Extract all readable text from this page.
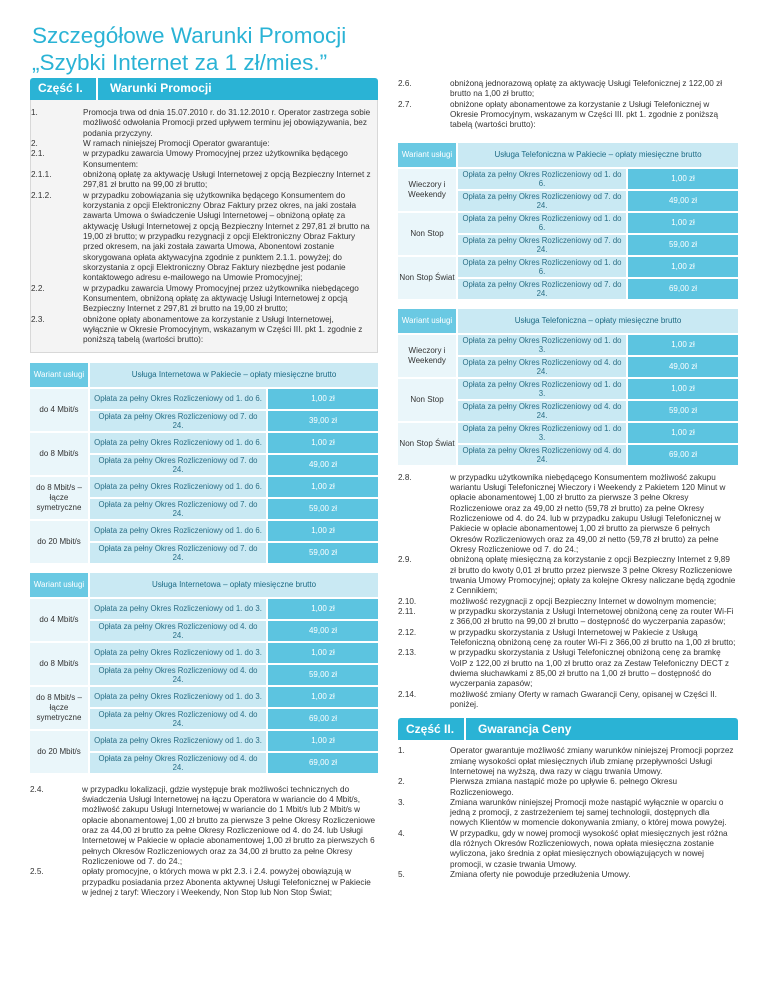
Szczegółowe Warunki Promocji
„Szybki Internet za 1 zł/mies.”
Część I.	Warunki Promocji
1.	Promocja trwa od dnia 15.07.2010 r. do 31.12.2010 r. Operator zastrzega sobie możliwość odwołania Promocji przed upływem terminu jej obowiązywania, bez podania przyczyny.
2.	W ramach niniejszej Promocji Operator gwarantuje:
2.1.	w przypadku zawarcia Umowy Promocyjnej przez użytkownika będącego Konsumentem:
2.1.1.	obniżoną opłatę za aktywację Usługi Internetowej z opcją Bezpieczny Internet z 297,81 zł brutto na 99,00 zł brutto;
2.1.2.	w przypadku zobowiązania się użytkownika będącego Konsumentem do korzystania z opcji Elektroniczny Obraz Faktury przez okres, na jaki została zawarta Umowa o świadczenie Usługi Internetowej – obniżoną opłatę za aktywację Usługi Internetowej z opcją Bezpieczny Internet z 297,81 zł brutto na 19,00 zł brutto; w przypadku rezygnacji z opcji Elektroniczny Obraz Faktury przed okresem, na jaki została zawarta Umowa, Abonentowi zostanie skorygowana opłata aktywacyjna zgodnie z punktem 2.1.1. powyżej; do skorzystania z opcji Elektroniczny Obraz Faktury niezbędne jest podanie kontaktowego adresu e-mailowego na Umowie Promocyjnej;
2.2.	w przypadku zawarcia Umowy Promocyjnej przez użytkownika niebędącego Konsumentem, obniżoną opłatę za aktywację Usługi Internetowej z opcją Bezpieczny Internet z 297,81 zł brutto na 19,00 zł brutto;
2.3.	obniżone opłaty abonamentowe za korzystanie z Usługi Internetowej, wyłącznie w Okresie Promocyjnym, wskazanym w Części III. pkt 1. zgodnie z poniższą tabelą (wartości brutto):
Wariant usługi		Usługa Internetowa w Pakiecie – opłaty miesięczne brutto		
do 4 Mbit/s		Opłata za pełny Okres Rozliczeniowy od 1. do 6.		1,00 zł
		Opłata za pełny Okres Rozliczeniowy od 7. do 24.		39,00 zł
do 8 Mbit/s		Opłata za pełny Okres Rozliczeniowy od 1. do 6.		1,00 zł
		Opłata za pełny Okres Rozliczeniowy od 7. do 24.		49,00 zł
do 8 Mbit/s – łącze symetryczne		Opłata za pełny Okres Rozliczeniowy od 1. do 6.		1,00 zł
		Opłata za pełny Okres Rozliczeniowy od 7. do 24.		59,00 zł
do 20 Mbit/s		Opłata za pełny Okres Rozliczeniowy od 1. do 6.		1,00 zł
		Opłata za pełny Okres Rozliczeniowy od 7. do 24.		59,00 zł
Wariant usługi		Usługa Internetowa – opłaty miesięczne brutto		
do 4 Mbit/s		Opłata za pełny Okres Rozliczeniowy od 1. do 3.		1,00 zł
		Opłata za pełny Okres Rozliczeniowy od 4. do 24.		49,00 zł
do 8 Mbit/s		Opłata za pełny Okres Rozliczeniowy od 1. do 3.		1,00 zł
		Opłata za pełny Okres Rozliczeniowy od 4. do 24.		59,00 zł
do 8 Mbit/s – łącze symetryczne		Opłata za pełny Okres Rozliczeniowy od 1. do 3.		1,00 zł
		Opłata za pełny Okres Rozliczeniowy od 4. do 24.		69,00 zł
do 20 Mbit/s		Opłata za pełny Okres Rozliczeniowy od 1. do 3.		1,00 zł
		Opłata za pełny Okres Rozliczeniowy od 4. do 24.		69,00 zł
2.4.	w przypadku lokalizacji, gdzie występuje brak możliwości technicznych do świadczenia Usługi Internetowej na łączu Operatora w wariancie do 4 Mbit/s, możliwość zakupu Usługi Internetowej w wariancie do 1 Mbit/s lub 2 Mbit/s w opłacie abonamentowej 1,00 zł brutto za pierwsze 3 pełne Okresy Rozliczeniowe oraz za 44,00 zł brutto za pełne Okresy Rozliczeniowe od 4. do 24. lub Usługi Internetowej w Pakiecie w opłacie abonamentowej 1,00 zł brutto za pierwszych 6 pełnych Okresów Rozliczeniowych oraz za 34,00 zł brutto za pełne Okresy Rozliczeniowe od 7. do 24.;
2.5.	opłaty promocyjne, o których mowa w pkt 2.3. i 2.4. powyżej obowiązują w przypadku posiadania przez Abonenta aktywnej Usługi Telefonicznej w Pakiecie w jednej z taryf: Wieczory i Weekendy, Non Stop lub Non Stop Świat;
2.6.	obniżoną jednorazową opłatę za aktywację Usługi Telefonicznej z 122,00 zł brutto na 1,00 zł brutto;
2.7.	obniżone opłaty abonamentowe za korzystanie z Usługi Telefonicznej w Okresie Promocyjnym, wskazanym w Części III. pkt 1. zgodnie z poniższą tabelą (wartości brutto):
Wariant usługi		Usługa Telefoniczna w Pakiecie – opłaty miesięczne brutto		
Wieczory i Weekendy		Opłata za pełny Okres Rozliczeniowy od 1. do 6.		1,00 zł
		Opłata za pełny Okres Rozliczeniowy od 7. do 24.		49,00 zł
Non Stop		Opłata za pełny Okres Rozliczeniowy od 1. do 6.		1,00 zł
		Opłata za pełny Okres Rozliczeniowy od 7. do 24.		59,00 zł
Non Stop Świat		Opłata za pełny Okres Rozliczeniowy od 1. do 6.		1,00 zł
		Opłata za pełny Okres Rozliczeniowy od 7. do 24.		69,00 zł
Wariant usługi		Usługa Telefoniczna – opłaty miesięczne brutto		
Wieczory i Weekendy		Opłata za pełny Okres Rozliczeniowy od 1. do 3.		1,00 zł
		Opłata za pełny Okres Rozliczeniowy od 4. do 24.		49,00 zł
Non Stop		Opłata za pełny Okres Rozliczeniowy od 1. do 3.		1,00 zł
		Opłata za pełny Okres Rozliczeniowy od 4. do 24.		59,00 zł
Non Stop Świat		Opłata za pełny Okres Rozliczeniowy od 1. do 3.		1,00 zł
		Opłata za pełny Okres Rozliczeniowy od 4. do 24.		69,00 zł
2.8.	w przypadku użytkownika niebędącego Konsumentem możliwość zakupu wariantu Usługi Telefonicznej Wieczory i Weekendy z Pakietem 120 Minut w opłacie abonamentowej 1,00 zł brutto za pierwsze 3 pełne Okresy Rozliczeniowe oraz za 49,00 zł netto (59,78 zł brutto) za pełne Okresy Rozliczeniowe od 4. do 24. lub w przypadku zakupu Usługi Telefonicznej w Pakiecie w opłacie abonamentowej 1,00 zł brutto za pierwsze 6 pełnych Okresów Rozliczeniowych oraz za 49,00 zł netto (59,78 zł brutto) za pełne Okresy Rozliczeniowe od 7. do 24.;
2.9.	obniżoną opłatę miesięczną za korzystanie z opcji Bezpieczny Internet z 9,89 zł brutto do kwoty 0,01 zł brutto przez pierwsze 3 pełne Okresy Rozliczeniowe trwania Umowy Promocyjnej; opłaty za kolejne Okresy naliczane będą zgodnie z Cennikiem;
2.10.	możliwość rezygnacji z opcji Bezpieczny Internet w dowolnym momencie;
2.11.	w przypadku skorzystania z Usługi Internetowej obniżoną cenę za router Wi-Fi z 366,00 zł brutto na 99,00 zł brutto – dostępność do wyczerpania zapasów;
2.12.	w przypadku skorzystania z Usługi Internetowej w Pakiecie z Usługą Telefoniczną obniżoną cenę za router Wi-Fi z 366,00 zł brutto na 1,00 zł brutto;
2.13.	w przypadku skorzystania z Usługi Telefonicznej obniżoną cenę za bramkę VoIP z 122,00 zł brutto na 1,00 zł brutto oraz za Zestaw Telefoniczny DECT z dwiema słuchawkami z 85,00 zł brutto na 1,00 zł brutto – dostępność do wyczerpania zapasów;
2.14.	możliwość zmiany Oferty w ramach Gwarancji Ceny, opisanej w Części II. poniżej.
Część II.	Gwarancja Ceny
1.	Operator gwarantuje możliwość zmiany warunków niniejszej Promocji poprzez zmianę wysokości opłat miesięcznych i/lub zmianę przepływności Usługi Internetowej na wyższą, dwa razy w ciągu trwania Umowy.
2.	Pierwsza zmiana nastąpić może po upływie 6. pełnego Okresu Rozliczeniowego.
3.	Zmiana warunków niniejszej Promocji może nastąpić wyłącznie w oparciu o jedną z promocji, z zastrzeżeniem tej samej technologii, dostępnych dla nowych Klientów w momencie dokonywania zmiany, o której mowa powyżej.
4.	W przypadku, gdy w nowej promocji wysokość opłat miesięcznych jest różna dla różnych Okresów Rozliczeniowych, nowa opłata miesięczna zostanie wyliczona, jako średnia z opłat miesięcznych obowiązujących w nowej promocji, w czasie trwania Umowy.
5.	Zmiana oferty nie powoduje przedłużenia Umowy.
